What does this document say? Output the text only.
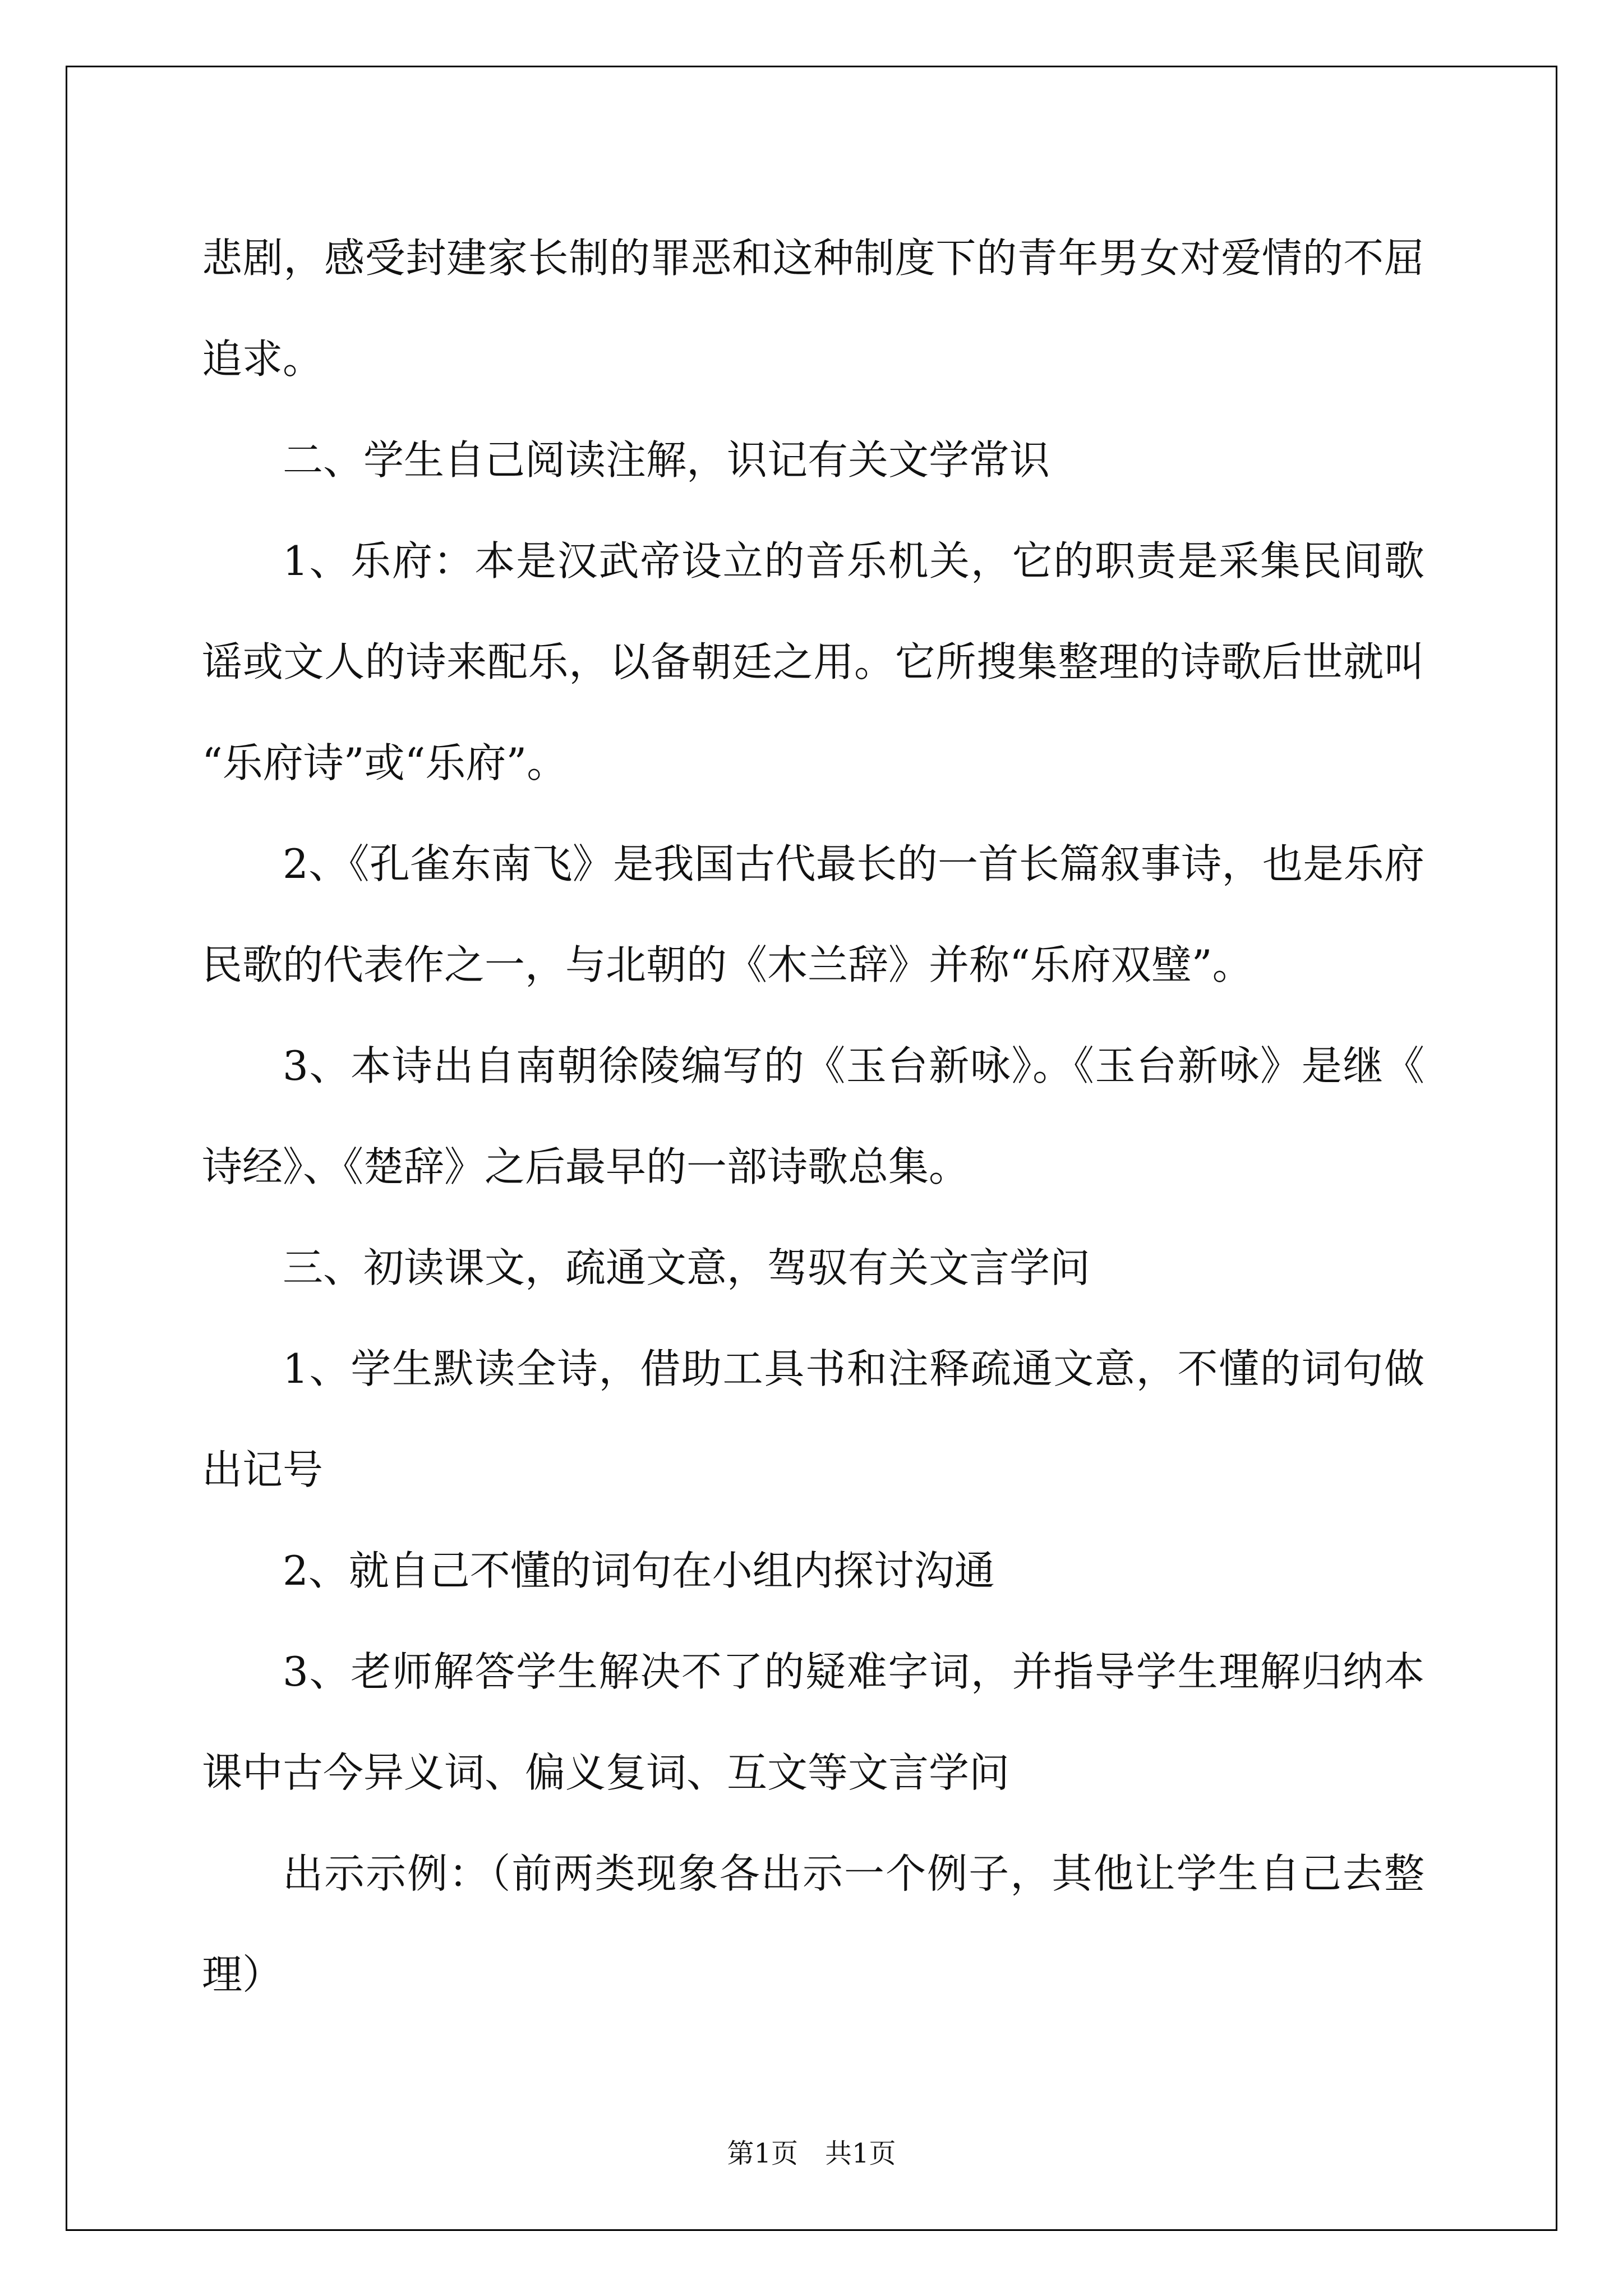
悲剧，感受封建家长制的罪恶和这种制度下的青年男女对爱情的不屈追求。

二、学生自己阅读注解，识记有关文学常识

1、乐府：本是汉武帝设立的音乐机关，它的职责是采集民间歌谣或文人的诗来配乐，以备朝廷之用。它所搜集整理的诗歌后世就叫“乐府诗”或“乐府”。

2、《孔雀东南飞》是我国古代最长的一首长篇叙事诗，也是乐府民歌的代表作之一，与北朝的《木兰辞》并称“乐府双璧”。

3、本诗出自南朝徐陵编写的《玉台新咏》。《玉台新咏》是继《诗经》、《楚辞》之后最早的一部诗歌总集。

三、初读课文，疏通文意，驾驭有关文言学问

1、学生默读全诗，借助工具书和注释疏通文意，不懂的词句做出记号

2、就自己不懂的词句在小组内探讨沟通

3、老师解答学生解决不了的疑难字词，并指导学生理解归纳本课中古今异义词、偏义复词、互文等文言学问

出示示例：（前两类现象各出示一个例子，其他让学生自己去整理）

第1页　共1页
